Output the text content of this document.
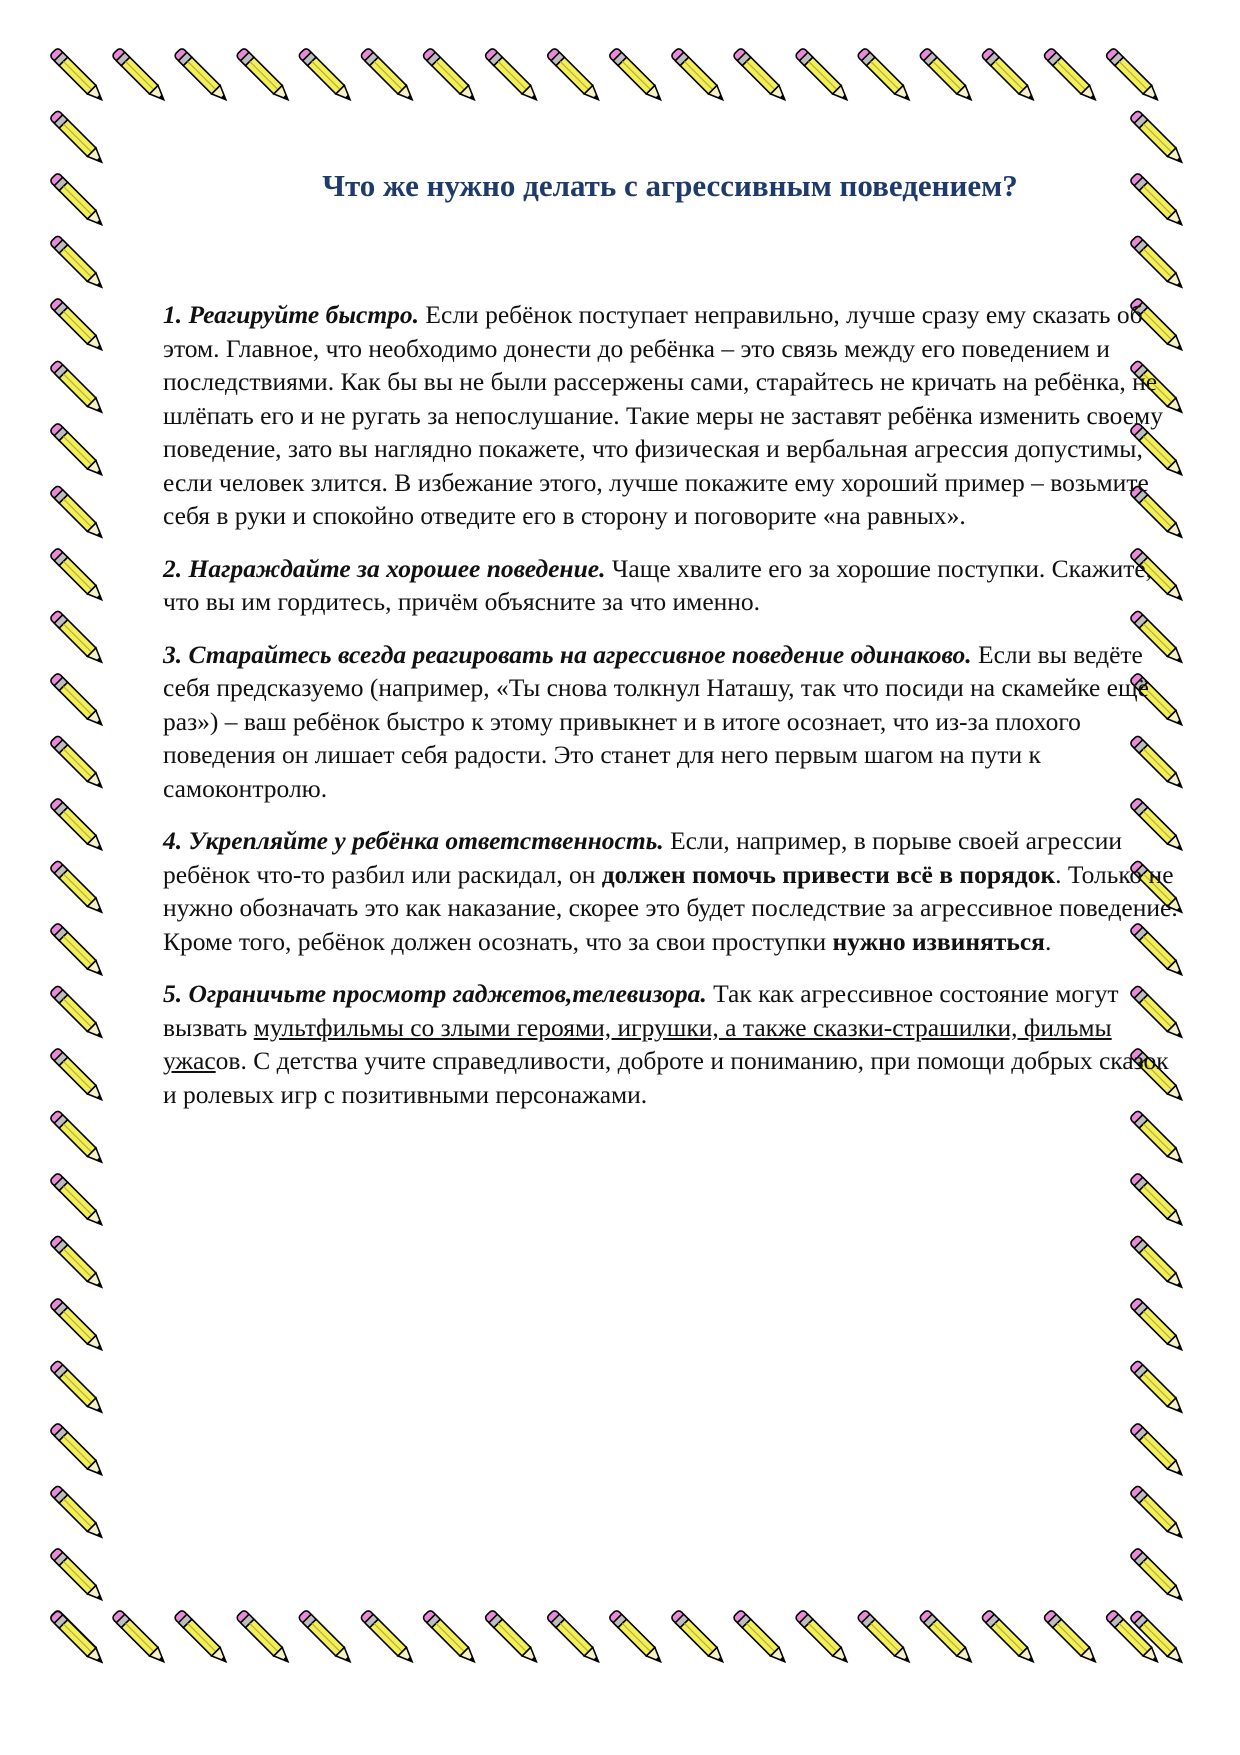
Что же нужно делать с агрессивным поведением?

1. Реагируйте быстро. Если ребёнок поступает неправильно, лучше сразу ему сказать об этом. Главное, что необходимо донести до ребёнка – это связь между его поведением и последствиями. Как бы вы не были рассержены сами, старайтесь не кричать на ребёнка, не шлёпать его и не ругать за непослушание. Такие меры не заставят ребёнка изменить своему поведение, зато вы наглядно покажете, что физическая и вербальная агрессия допустимы, если человек злится. В избежание этого, лучше покажите ему хороший пример – возьмите себя в руки и спокойно отведите его в сторону и поговорите «на равных».

2. Награждайте за хорошее поведение. Чаще хвалите его за хорошие поступки. Скажите, что вы им гордитесь, причём объясните за что именно.

3. Старайтесь всегда реагировать на агрессивное поведение одинаково. Если вы ведёте себя предсказуемо (например, «Ты снова толкнул Наташу, так что посиди на скамейке ещё раз») – ваш ребёнок быстро к этому привыкнет и в итоге осознает, что из-за плохого поведения он лишает себя радости. Это станет для него первым шагом на пути к самоконтролю.

4. Укрепляйте у ребёнка ответственность. Если, например, в порыве своей агрессии ребёнок что-то разбил или раскидал, он должен помочь привести всё в порядок. Только не нужно обозначать это как наказание, скорее это будет последствие за агрессивное поведение. Кроме того, ребёнок должен осознать, что за свои проступки нужно извиняться.

5. Ограничьте просмотр гаджетов,телевизора. Так как агрессивное состояние могут вызвать мультфильмы со злыми героями, игрушки, а также сказки-страшилки, фильмы ужасов. С детства учите справедливости, доброте и пониманию, при помощи добрых сказок и ролевых игр с позитивными персонажами.
